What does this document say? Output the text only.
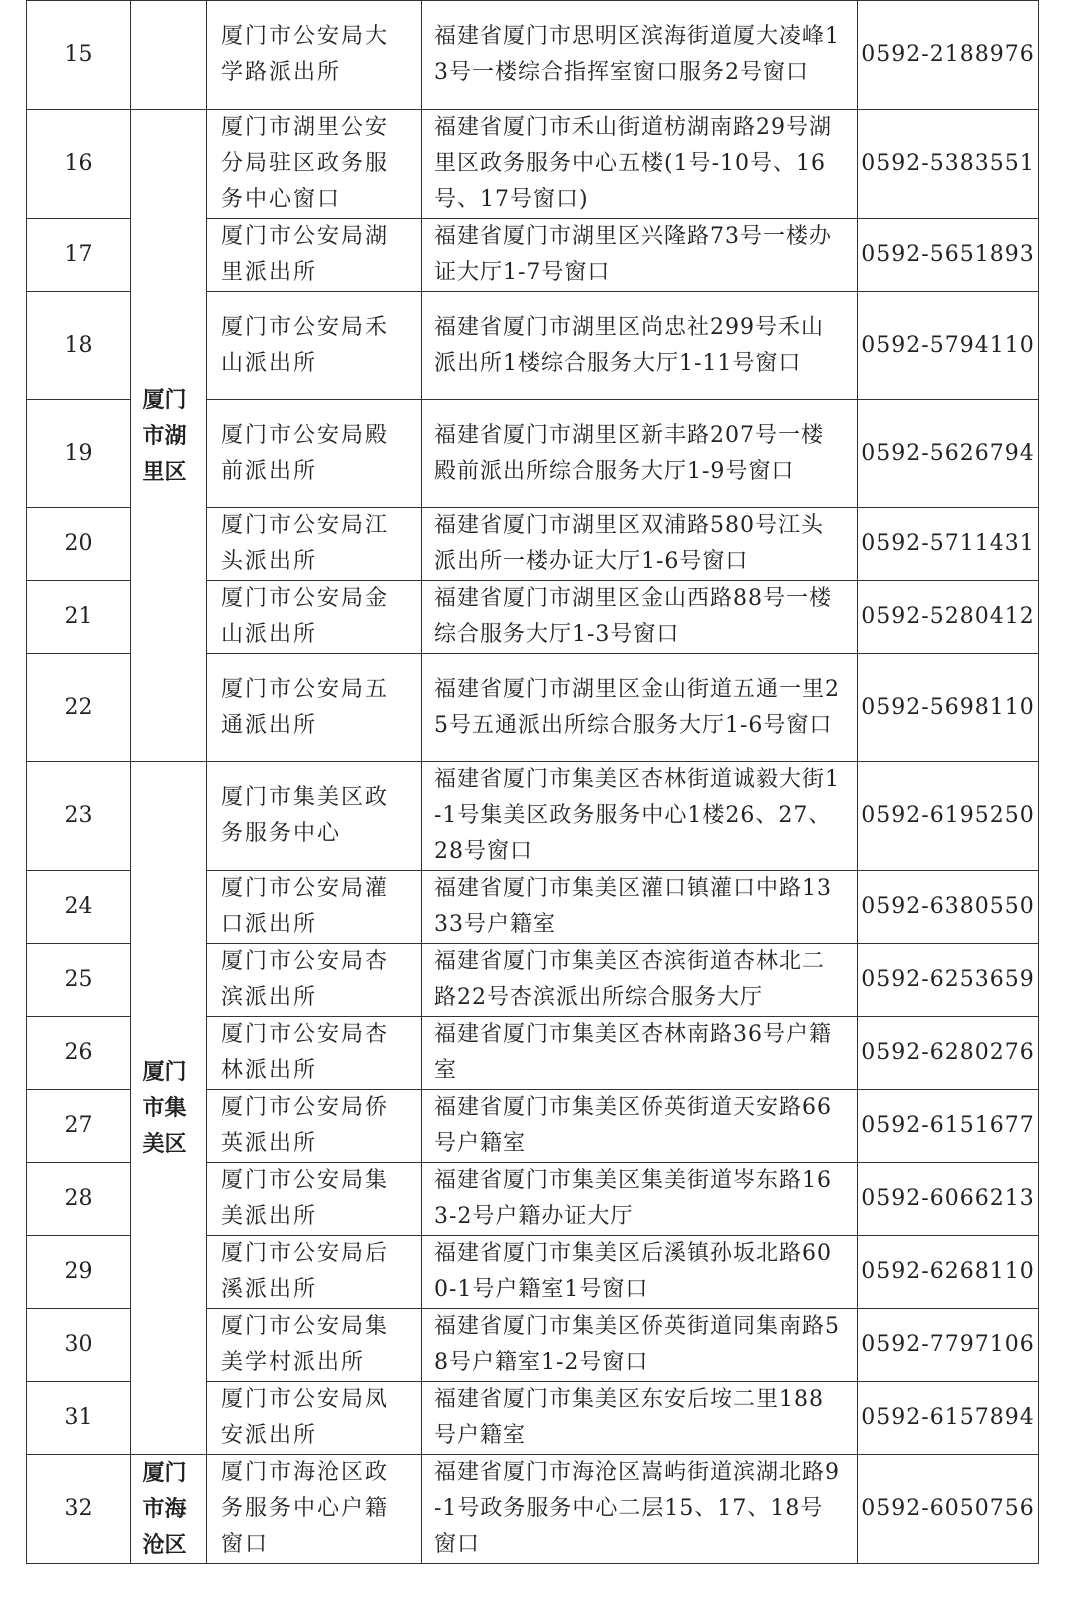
15		厦门市公安局大学路派出所	福建省厦门市思明区滨海街道厦大凌峰13号一楼综合指挥室窗口服务2号窗口	0592-2188976
16	厦门市湖里区	厦门市湖里公安分局驻区政务服务中心窗口	福建省厦门市禾山街道枋湖南路29号湖里区政务服务中心五楼(1号-10号、16号、17号窗口)	0592-5383551
17		厦门市公安局湖里派出所	福建省厦门市湖里区兴隆路73号一楼办证大厅1-7号窗口	0592-5651893
18		厦门市公安局禾山派出所	福建省厦门市湖里区尚忠社299号禾山派出所1楼综合服务大厅1-11号窗口	0592-5794110
19		厦门市公安局殿前派出所	福建省厦门市湖里区新丰路207号一楼殿前派出所综合服务大厅1-9号窗口	0592-5626794
20		厦门市公安局江头派出所	福建省厦门市湖里区双浦路580号江头派出所一楼办证大厅1-6号窗口	0592-5711431
21		厦门市公安局金山派出所	福建省厦门市湖里区金山西路88号一楼综合服务大厅1-3号窗口	0592-5280412
22		厦门市公安局五通派出所	福建省厦门市湖里区金山街道五通一里25号五通派出所综合服务大厅1-6号窗口	0592-5698110
23	厦门市集美区	厦门市集美区政务服务中心	福建省厦门市集美区杏林街道诚毅大街1-1号集美区政务服务中心1楼26、27、28号窗口	0592-6195250
24		厦门市公安局灌口派出所	福建省厦门市集美区灌口镇灌口中路1333号户籍室	0592-6380550
25		厦门市公安局杏滨派出所	福建省厦门市集美区杏滨街道杏林北二路22号杏滨派出所综合服务大厅	0592-6253659
26		厦门市公安局杏林派出所	福建省厦门市集美区杏林南路36号户籍室	0592-6280276
27		厦门市公安局侨英派出所	福建省厦门市集美区侨英街道天安路66号户籍室	0592-6151677
28		厦门市公安局集美派出所	福建省厦门市集美区集美街道岑东路163-2号户籍办证大厅	0592-6066213
29		厦门市公安局后溪派出所	福建省厦门市集美区后溪镇孙坂北路600-1号户籍室1号窗口	0592-6268110
30		厦门市公安局集美学村派出所	福建省厦门市集美区侨英街道同集南路58号户籍室1-2号窗口	0592-7797106
31		厦门市公安局凤安派出所	福建省厦门市集美区东安后垵二里188号户籍室	0592-6157894
32	厦门市海沧区	厦门市海沧区政务服务中心户籍窗口	福建省厦门市海沧区嵩屿街道滨湖北路9-1号政务服务中心二层15、17、18号窗口	0592-6050756
